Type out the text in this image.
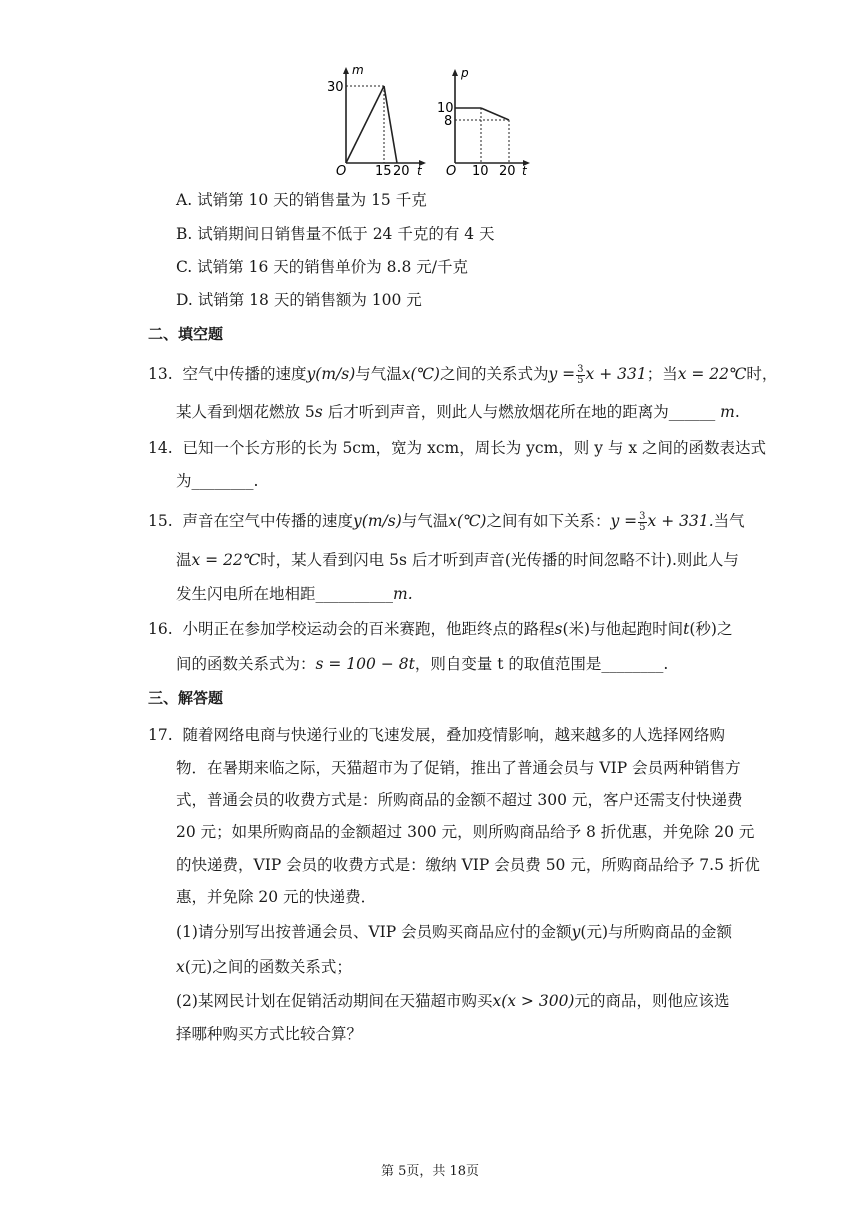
m
30
O 15 20 t
p
10
8
O 10 20 t
A. 试销第 10 天的销售量为 15 千克
B. 试销期间日销售量不低于 24 千克的有 4 天
C. 试销第 16 天的销售单价为 8.8 元/千克
D. 试销第 18 天的销售额为 100 元
二、填空题
13. 空气中传播的速度y(m/s)与气温x(℃)之间的关系式为$y = \frac{3}{5}$ x + 331；当x = 22℃时，
某人看到烟花燃放 5s 后才听到声音，则此人与燃放烟花所在地的距离为______ m.
14. 已知一个长方形的长为 5cm，宽为 xcm，周长为 ycm，则 y 与 x 之间的函数表达式
为________.
15. 声音在空气中传播的速度y(m/s)与气温x(℃)之间有如下关系：$y = \frac{3}{5}$ x + 331.当气
温x = 22℃时，某人看到闪电 5s 后才听到声音(光传播的时间忽略不计).则此人与
发生闪电所在地相距__________m.
16. 小明正在参加学校运动会的百米赛跑，他距终点的路程s(米)与他起跑时间t(秒)之
间的函数关系式为：s = 100 − 8t，则自变量 t 的取值范围是________.
三、解答题
17. 随着网络电商与快递行业的飞速发展，叠加疫情影响，越来越多的人选择网络购
物．在暑期来临之际，天猫超市为了促销，推出了普通会员与 VIP 会员两种销售方
式，普通会员的收费方式是：所购商品的金额不超过 300 元，客户还需支付快递费
20 元；如果所购商品的金额超过 300 元，则所购商品给予 8 折优惠，并免除 20 元
的快递费，VIP 会员的收费方式是：缴纳 VIP 会员费 50 元，所购商品给予 7.5 折优
惠，并免除 20 元的快递费．
(1)请分别写出按普通会员、VIP 会员购买商品应付的金额y(元)与所购商品的金额
x(元)之间的函数关系式；
(2)某网民计划在促销活动期间在天猫超市购买x(x > 300)元的商品，则他应该选
择哪种购买方式比较合算？
第 5页，共 18页
